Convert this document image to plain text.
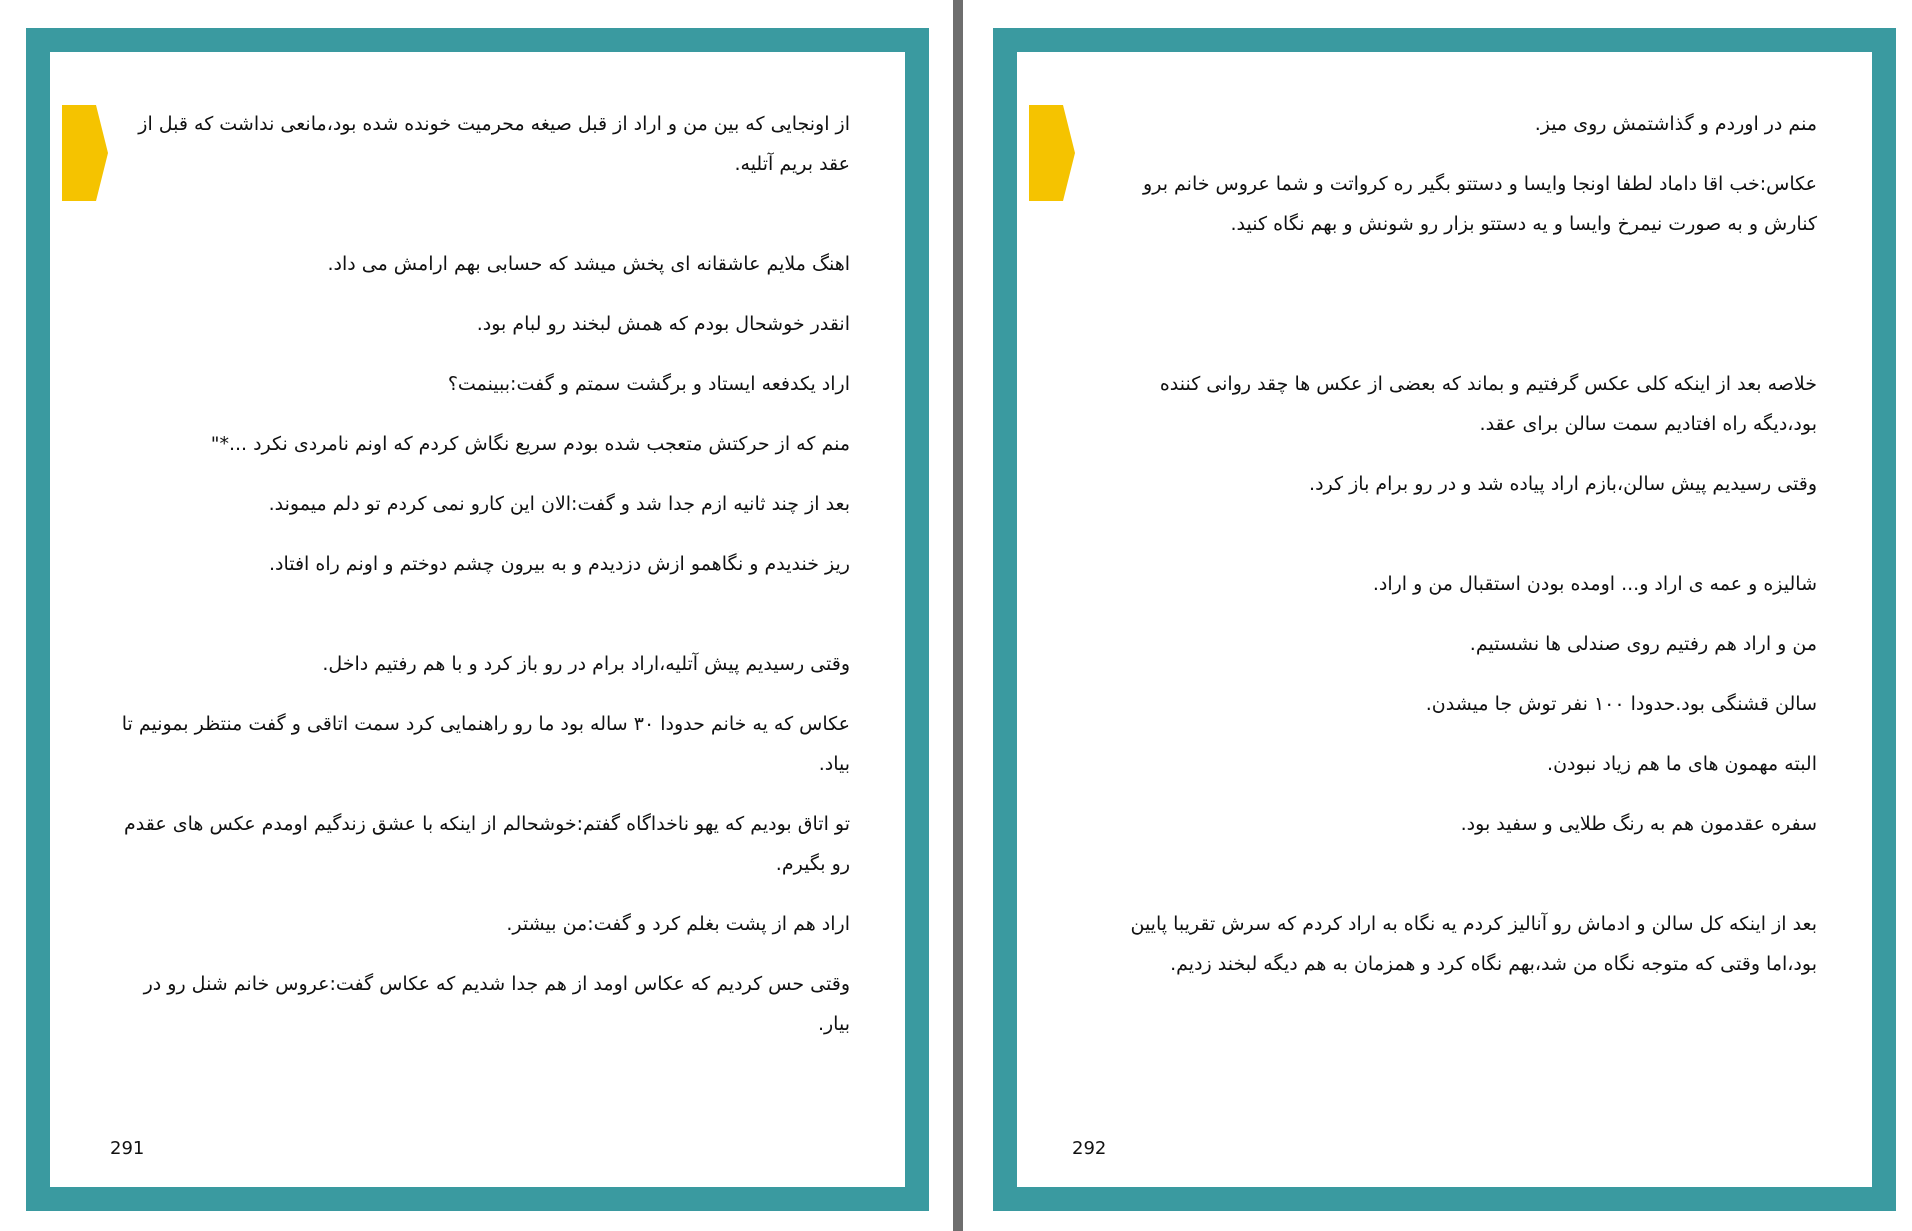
از اونجایی که بین من و اراد از قبل صیغه محرمیت خونده شده بود،مانعی نداشت که قبل از عقد بریم آتلیه.

اهنگ ملایم عاشقانه ای پخش میشد که حسابی بهم ارامش می داد.

انقدر خوشحال بودم که همش لبخند رو لبام بود.

اراد یکدفعه ایستاد و برگشت سمتم و گفت:ببینمت؟

منم که از حرکتش متعجب شده بودم سریع نگاش کردم که اونم نامردی نکرد ...*"

بعد از چند ثانیه ازم جدا شد و گفت:الان این کارو نمی کردم تو دلم میموند.

ریز خندیدم و نگاهمو ازش دزدیدم و به بیرون چشم دوختم و اونم راه افتاد.

وقتی رسیدیم پیش آتلیه،اراد برام در رو باز کرد و با هم رفتیم داخل.

عکاس که یه خانم حدودا ۳۰ ساله بود ما رو راهنمایی کرد سمت اتاقی و گفت منتظر بمونیم تا بیاد.

تو اتاق بودیم که یهو ناخداگاه گفتم:خوشحالم از اینکه با عشق زندگیم اومدم عکس های عقدم رو بگیرم.

اراد هم از پشت بغلم کرد و گفت:من بیشتر.

وقتی حس کردیم که عکاس اومد از هم جدا شدیم که عکاس گفت:عروس خانم شنل رو در بیار.

291

منم در اوردم و گذاشتمش روی میز.

عکاس:خب اقا داماد لطفا اونجا وایسا و دستتو بگیر ره کرواتت و شما عروس خانم برو کنارش و به صورت نیمرخ وایسا و یه دستتو بزار رو شونش و بهم نگاه کنید.

خلاصه بعد از اینکه کلی عکس گرفتیم و بماند که بعضی از عکس ها چقد روانی کننده بود،دیگه راه افتادیم سمت سالن برای عقد.

وقتی رسیدیم پیش سالن،بازم اراد پیاده شد و در رو برام باز کرد.

شالیزه و عمه ی اراد و... اومده بودن استقبال من و اراد.

من و اراد هم رفتیم روی صندلی ها نشستیم.

سالن قشنگی بود.حدودا ۱۰۰ نفر توش جا میشدن.

البته مهمون های ما هم زیاد نبودن.

سفره عقدمون هم به رنگ طلایی و سفید بود.

بعد از اینکه کل سالن و ادماش رو آنالیز کردم یه نگاه به اراد کردم که سرش تقریبا پایین بود،اما وقتی که متوجه نگاه من شد،بهم نگاه کرد و همزمان به هم دیگه لبخند زدیم.

292
